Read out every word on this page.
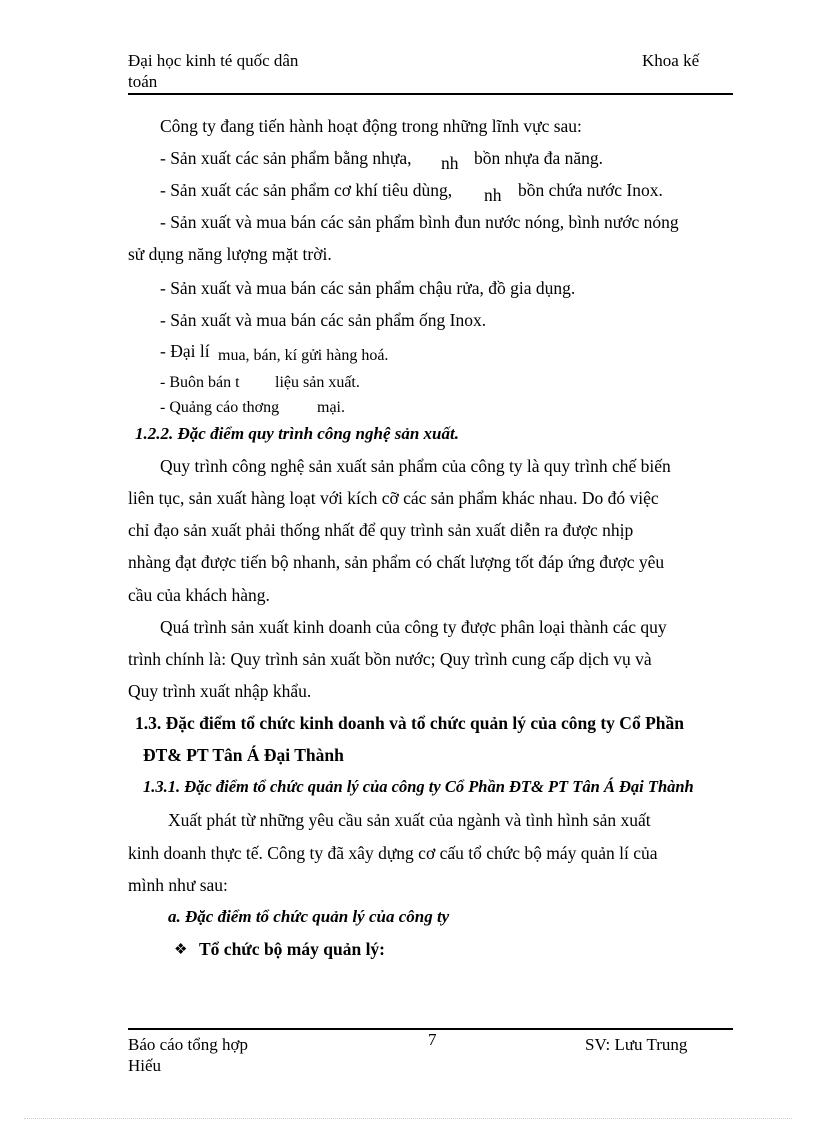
Đại học kinh té quốc dân
toán
Khoa kế
Công ty đang tiến hành hoạt động trong những lĩnh vực sau:
- Sản xuất các sản phẩm bằng nhựa, nh bồn nhựa đa năng.
- Sản xuất các sản phẩm cơ khí tiêu dùng, nh bồn chứa nước Inox.
- Sản xuất và mua bán các sản phẩm bình đun nước nóng, bình nước nóng
sử dụng năng lượng mặt trời.
- Sản xuất và mua bán các sản phẩm chậu rửa, đồ gia dụng.
- Sản xuất và mua bán các sản phẩm ống Inox.
- Đại lí mua, bán, kí gửi hàng hoá.
- Buôn bán t liệu sản xuất.
- Quảng cáo thơng mại.
1.2.2. Đặc điểm quy trình công nghệ sản xuất.
Quy trình công nghệ sản xuất sản phẩm của công ty là quy trình chế biến
liên tục, sản xuất hàng loạt với kích cỡ các sản phẩm khác nhau. Do đó việc
chỉ đạo sản xuất phải thống nhất để quy trình sản xuất diễn ra được nhịp
nhàng đạt được tiến bộ nhanh, sản phẩm có chất lượng tốt đáp ứng được yêu
cầu của khách hàng.
Quá trình sản xuất kinh doanh của công ty được phân loại thành các quy
trình chính là: Quy trình sản xuất bồn nước; Quy trình cung cấp dịch vụ và
Quy trình xuất nhập khẩu.
1.3. Đặc điểm tổ chức kinh doanh và tổ chức quản lý của công ty Cổ Phần
ĐT& PT Tân Á Đại Thành
1.3.1. Đặc điểm tổ chức quản lý của công ty Cổ Phần ĐT& PT Tân Á Đại Thành
Xuất phát từ những yêu cầu sản xuất của ngành và tình hình sản xuất
kinh doanh thực tế. Công ty đã xây dựng cơ cấu tổ chức bộ máy quản lí của
mình như sau:
a. Đặc điểm tổ chức quản lý của công ty
❖ Tổ chức bộ máy quản lý:
Báo cáo tổng hợp
Hiếu
7	SV: Lưu Trung
